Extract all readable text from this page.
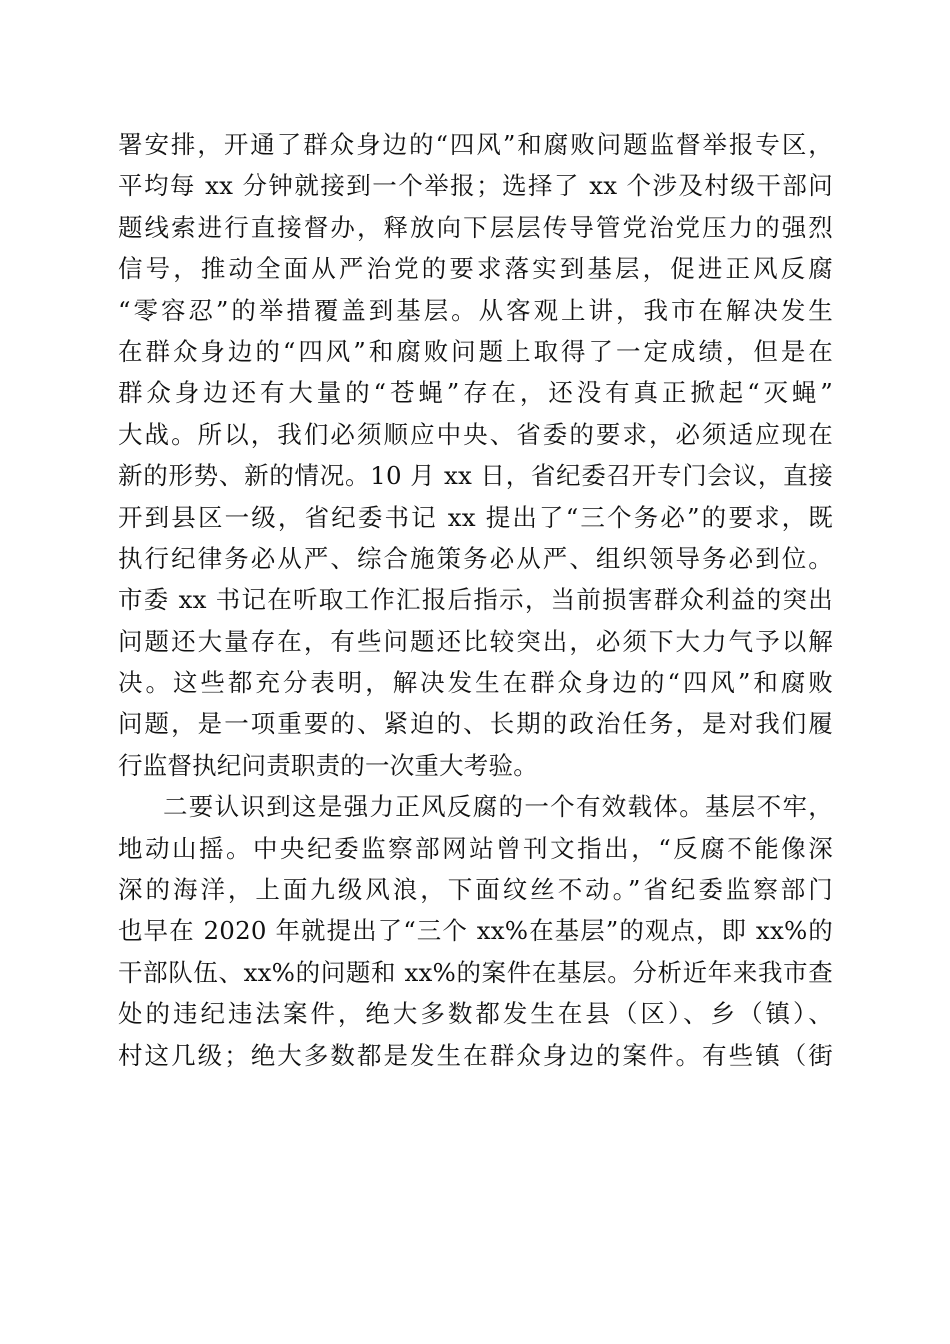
署安排，开通了群众身边的“四风”和腐败问题监督举报专区，
平均每 xx 分钟就接到一个举报；选择了 xx 个涉及村级干部问
题线索进行直接督办，释放向下层层传导管党治党压力的强烈
信号，推动全面从严治党的要求落实到基层，促进正风反腐
“零容忍”的举措覆盖到基层。从客观上讲，我市在解决发生
在群众身边的“四风”和腐败问题上取得了一定成绩，但是在
群众身边还有大量的“苍蝇”存在，还没有真正掀起“灭蝇”
大战。所以，我们必须顺应中央、省委的要求，必须适应现在
新的形势、新的情况。10 月 xx 日，省纪委召开专门会议，直接
开到县区一级，省纪委书记 xx 提出了“三个务必”的要求，既
执行纪律务必从严、综合施策务必从严、组织领导务必到位。
市委 xx 书记在听取工作汇报后指示，当前损害群众利益的突出
问题还大量存在，有些问题还比较突出，必须下大力气予以解
决。这些都充分表明，解决发生在群众身边的“四风”和腐败
问题，是一项重要的、紧迫的、长期的政治任务，是对我们履
行监督执纪问责职责的一次重大考验。
二要认识到这是强力正风反腐的一个有效载体。基层不牢，
地动山摇。中央纪委监察部网站曾刊文指出，“反腐不能像深
深的海洋，上面九级风浪，下面纹丝不动。”省纪委监察部门
也早在 2020 年就提出了“三个 xx%在基层”的观点，即 xx%的
干部队伍、xx%的问题和 xx%的案件在基层。分析近年来我市查
处的违纪违法案件，绝大多数都发生在县（区）、乡（镇）、
村这几级；绝大多数都是发生在群众身边的案件。有些镇（街
